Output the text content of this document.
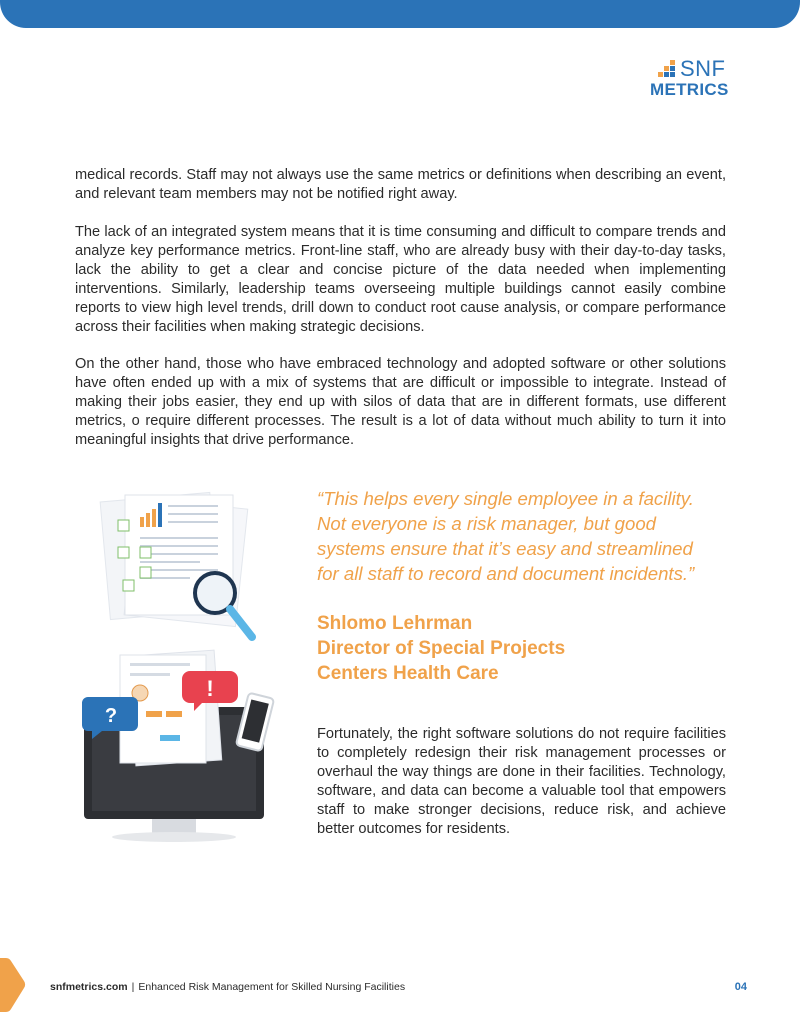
SNF
METRICS

medical records. Staff may not always use the same metrics or definitions when describing an event, and relevant team members may not be notified right away.

The lack of an integrated system means that it is time consuming and difficult to compare trends and analyze key performance metrics. Front-line staff, who are already busy with their day-to-day tasks, lack the ability to get a clear and concise picture of the data needed when implementing interventions. Similarly, leadership teams overseeing multiple buildings cannot easily combine reports to view high level trends, drill down to conduct root cause analysis, or compare performance across their facilities when making strategic decisions.

On the other hand, those who have embraced technology and adopted software or other solutions have often ended up with a mix of systems that are difficult or impossible to integrate. Instead of making their jobs easier, they end up with silos of data that are in different formats, use different metrics, o require different processes. The result is a lot of data without much ability to turn it into meaningful insights that drive performance.

?
!

“This helps every single employee in a facility. Not everyone is a risk manager, but good systems ensure that it’s easy and streamlined for all staff to record and document incidents.”

Shlomo Lehrman

Director of Special Projects

Centers Health Care

Fortunately, the right software solutions do not require facilities to completely redesign their risk management processes or overhaul the way things are done in their facilities. Technology, software, and data can become a valuable tool that empowers staff to make stronger decisions, reduce risk, and achieve better outcomes for residents.

snfmetrics.com | Enhanced Risk Management for Skilled Nursing Facilities	04
